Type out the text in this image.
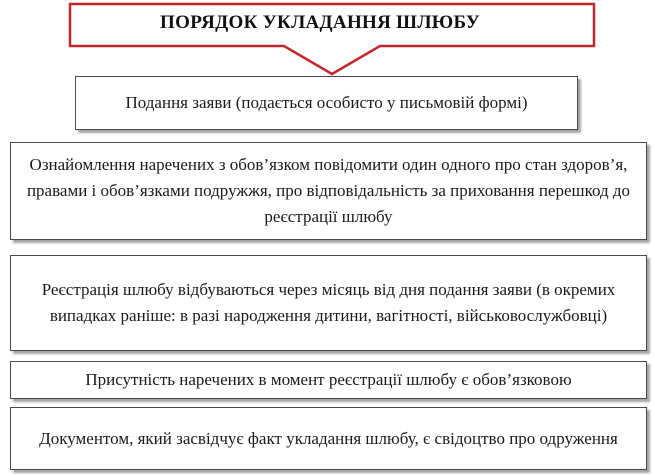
ПОРЯДОК УКЛАДАННЯ ШЛЮБУ
Подання заяви (подається особисто у письмовій формі)
Ознайомлення наречених з обов’язком повідомити один одного про стан здоров’я, правами і обов’язками подружжя, про відповідальність за приховання перешкод до реєстрації шлюбу
Реєстрація шлюбу відбуваються через місяць від дня подання заяви (в окремих випадках раніше: в разі народження дитини, вагітності, військовослужбовці)
Присутність наречених в момент реєстрації шлюбу є обов’язковою
Документом, який засвідчує факт укладання шлюбу, є свідоцтво про одруження
